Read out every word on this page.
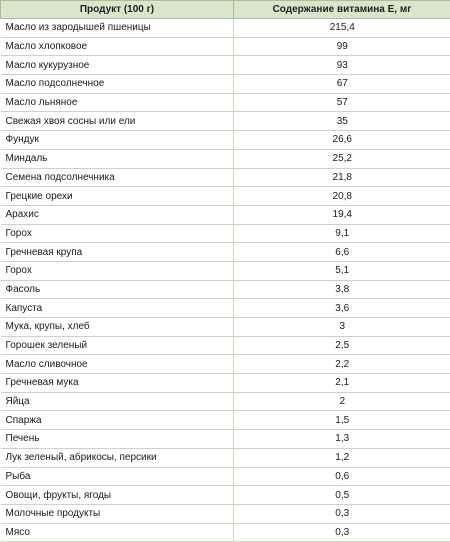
Продукт (100 г)	Содержание витамина Е, мг
Масло из зародышей пшеницы	215,4
Масло хлопковое	99
Масло кукурузное	93
Масло подсолнечное	67
Масло льняное	57
Свежая хвоя сосны или ели	35
Фундук	26,6
Миндаль	25,2
Семена подсолнечника	21,8
Грецкие орехи	20,8
Арахис	19,4
Горох	9,1
Гречневая крупа	6,6
Горох	5,1
Фасоль	3,8
Капуста	3,6
Мука, крупы, хлеб	3
Горошек зеленый	2,5
Масло сливочное	2,2
Гречневая мука	2,1
Яйца	2
Спаржа	1,5
Печень	1,3
Лук зеленый, абрикосы, персики	1,2
Рыба	0,6
Овощи, фрукты, ягоды	0,5
Молочные продукты	0,3
Мясо	0,3
